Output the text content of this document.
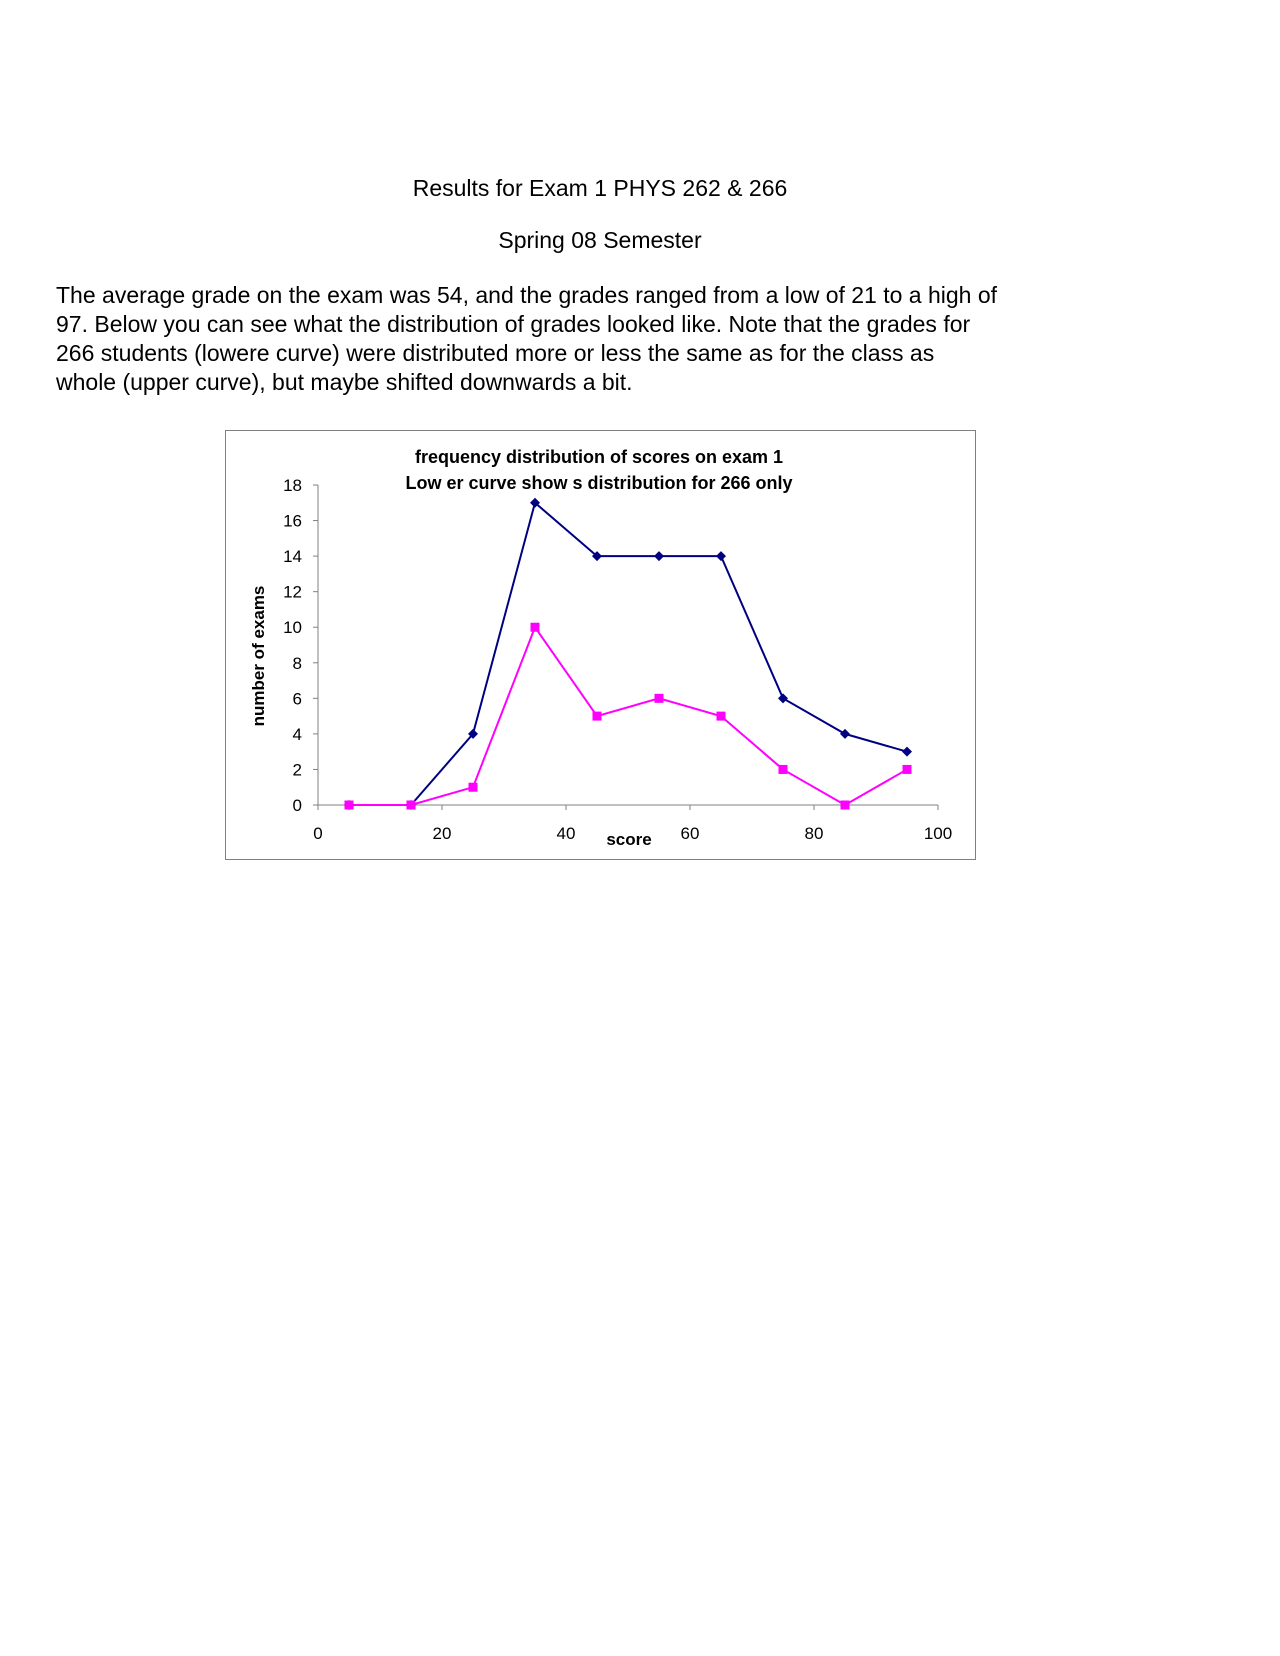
Results for Exam 1 PHYS 262 & 266
Spring 08 Semester

The average grade on the exam was 54, and the grades ranged from a low of 21 to a high of
97. Below you can see what the distribution of grades looked like. Note that the grades for
266 students (lowere curve) were distributed more or less the same as for the class as
whole (upper curve), but maybe shifted downwards a bit.

frequency distribution of scores on exam 1
Low er curve show s distribution for 266 only
number of exams
score
0
2
4
6
8
10
12
14
16
18
0	20	40	60	80	100
